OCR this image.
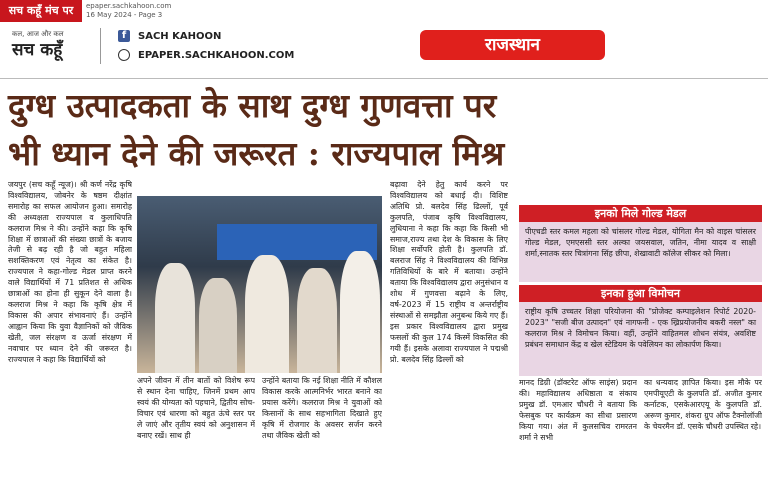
सच कहूँ मंच पर	epaper.sachkahoon.com
16 May 2024 - Page 3
कल, आज और कल
सच कहूँ
f	SACH KAHOON
EPAPER.SACHKAHOON.COM
राजस्थान
दुग्ध उत्पादकता के साथ दुग्ध गुणवत्ता पर
भी ध्यान देने की जरूरत : राज्यपाल मिश्र
जयपुर (सच कहूँ न्यूज)। श्री कर्ण नरेंद्र कृषि विश्वविद्यालय, जोबनेर के षष्ठम दीक्षांत समारोह का सफल आयोजन हुआ। समारोह की अध्यक्षता राज्यपाल व कुलाधिपति कलराज मिश्र ने की। उन्होंने कहा कि कृषि शिक्षा में छात्राओं की संख्या छात्रों के बजाय तेजी से बढ़ रही है जो बहुत महिला सशक्तिकरण एवं नेतृत्व का संकेत है। राज्यपाल ने कहा-गोल्ड मेडल प्राप्त करने वाले विद्यार्थियों में 71 प्रतिशत से अधिक छात्राओं का होना ही सुकून देने वाला है। कलराज मिश्र ने कहा कि कृषि क्षेत्र में विकास की अपार संभावनाएं हैं। उन्होंने आह्वान किया कि युवा वैज्ञानिकों को जैविक खेती, जल संरक्षण व ऊर्जा संरक्षण में नवाचार पर ध्यान देने की जरूरत है। राज्यपाल ने कहा कि विद्यार्थियों को
अपने जीवन में तीन बातों को विशेष रूप से स्थान देना चाहिए, जिनमें प्रथम आप स्वयं की योग्यता को पहचाने, द्वितीय सोच-विचार एवं धारणा को बहुत ऊंचे स्तर पर ले जाएं और तृतीय स्वयं को अनुशासन में बनाए रखें। साथ ही
उन्होंने बताया कि नई शिक्षा नीति में कौशल विकास करके आत्मनिर्भर भारत बनाने का प्रयास करेंगे। कलराज मिश्र ने युवाओं को किसानों के साथ सहभागिता दिखाते हुए कृषि में रोजगार के अवसर सर्जन करने तथा जैविक खेती को
बढ़ावा देने हेतु कार्य करने पर विश्वविद्यालय को बधाई दी। विशिष्ट अतिथि प्रो. बलदेव सिंह ढिल्लों, पूर्व कुलपति, पंजाब कृषि विश्वविद्यालय, लुधियाना ने कहा कि कहा कि किसी भी समाज,राज्य तथा देश के विकास के लिए शिक्षा सर्वोपरि होती है। कुलपति डॉ. बलराज सिंह ने विश्वविद्यालय की विभिन्न गतिविधियों के बारे में बताया। उन्होंने बताया कि विश्वविद्यालय द्वारा अनुसंधान व शोध में गुणवत्ता बढ़ाने के लिए, वर्ष-2023 में 15 राष्ट्रीय व अन्तर्राष्ट्रीय संस्थाओं से समझौता अनुबन्ध किये गए हैं। इस प्रकार विश्वविद्यालय द्वारा प्रमुख फसलों की कुल 174 किस्में विकसित की गयी हैं। इसके अलावा राज्यपाल ने पद्मश्री प्रो. बलदेव सिंह ढिल्लों को
इनको मिले गोल्ड मेडल
पीएचडी स्तर कमल महला को चांसलर गोल्ड मेडल, योगिता मैन को वाइस चांसलर गोल्ड मेडल, एमएससी स्तर अल्का जयसवाल, जतिन, नीमा यादव व साक्षी शर्मा,स्नातक स्तर चित्रांगना सिंह छीपा, शेखावाटी कॉलेज सीकर को मिला।
इनका हुआ विमोचन
राष्ट्रीय कृषि उच्चतर शिक्षा परियोजना की "प्रोजेक्ट कम्पाइलेशन रिपोर्ट 2020-2023" "सजी बीज उत्पादन" एवं नागफनी - एक ख्रिप्रयोजनीय बकरी नस्ल" का कलराज मिश्र ने विमोचन किया। वहीं, उन्होंने वाहितमल शोधन संयंत्र, अवशिष्ट प्रबंधन समाधान केंद्र व खेल स्टेडियम के पवेलियन का लोकार्पण किया।
मानद डिग्री (डॉक्टरेट ऑफ साइंस) प्रदान की। महाविद्यालय अधिष्ठाता व संकाय प्रमुख डॉ. एमआर चौधरी ने बताया कि फेसबुक पर कार्यक्रम का सीधा प्रसारण किया गया। अंत में कुलसचिव रामरतन शर्मा ने सभी
का धन्यवाद ज्ञापित किया। इस मौके पर एमपीयूएटी के कुलपति डॉ. अजीत कुमार कर्नाटक, एसकेआरएयू के कुलपति डॉ. अरूण कुमार, शंकरा ग्रुप ऑफ टैक्नोलॉजी के चेयरमैन डॉ. एसके चौधरी उपस्थित रहे।
